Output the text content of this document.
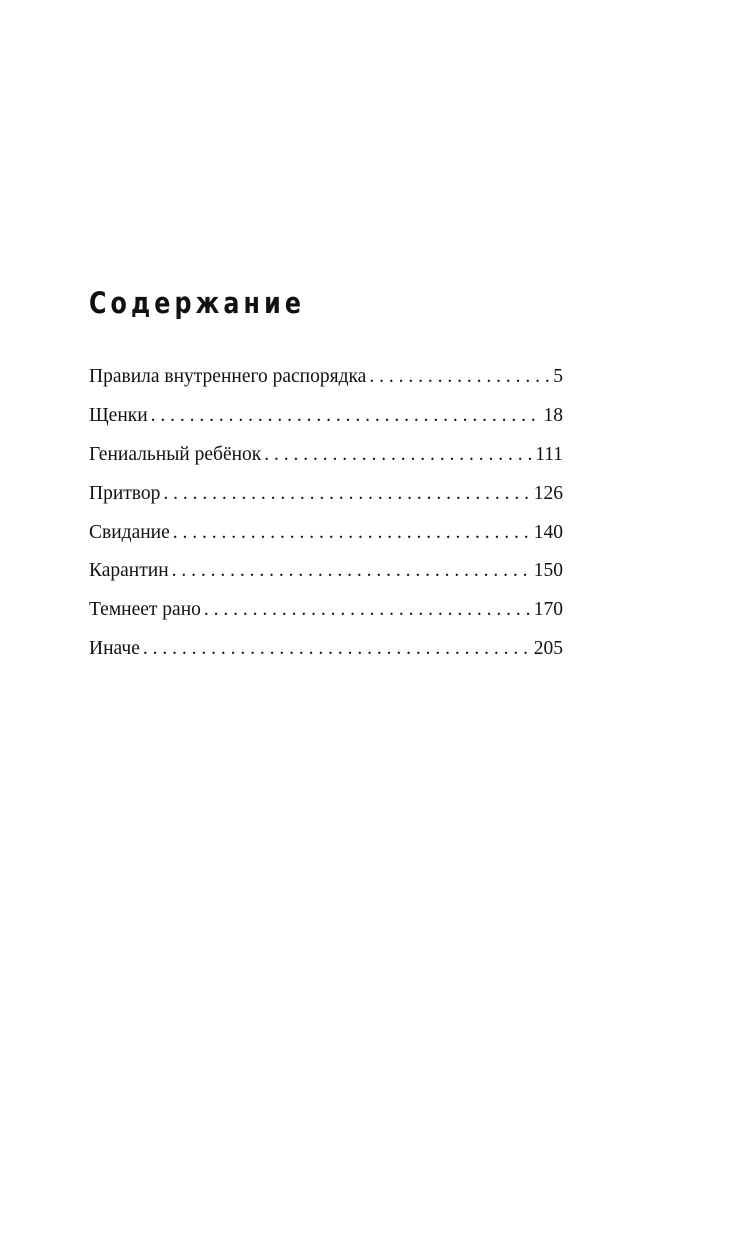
Содержание
Правила внутреннего распорядка . . .	5
Щенки . . .	18
Гениальный ребёнок . . .	111
Притвор . . .	126
Свидание . . .	140
Карантин . . .	150
Темнеет рано . . .	170
Иначе . . .	205
